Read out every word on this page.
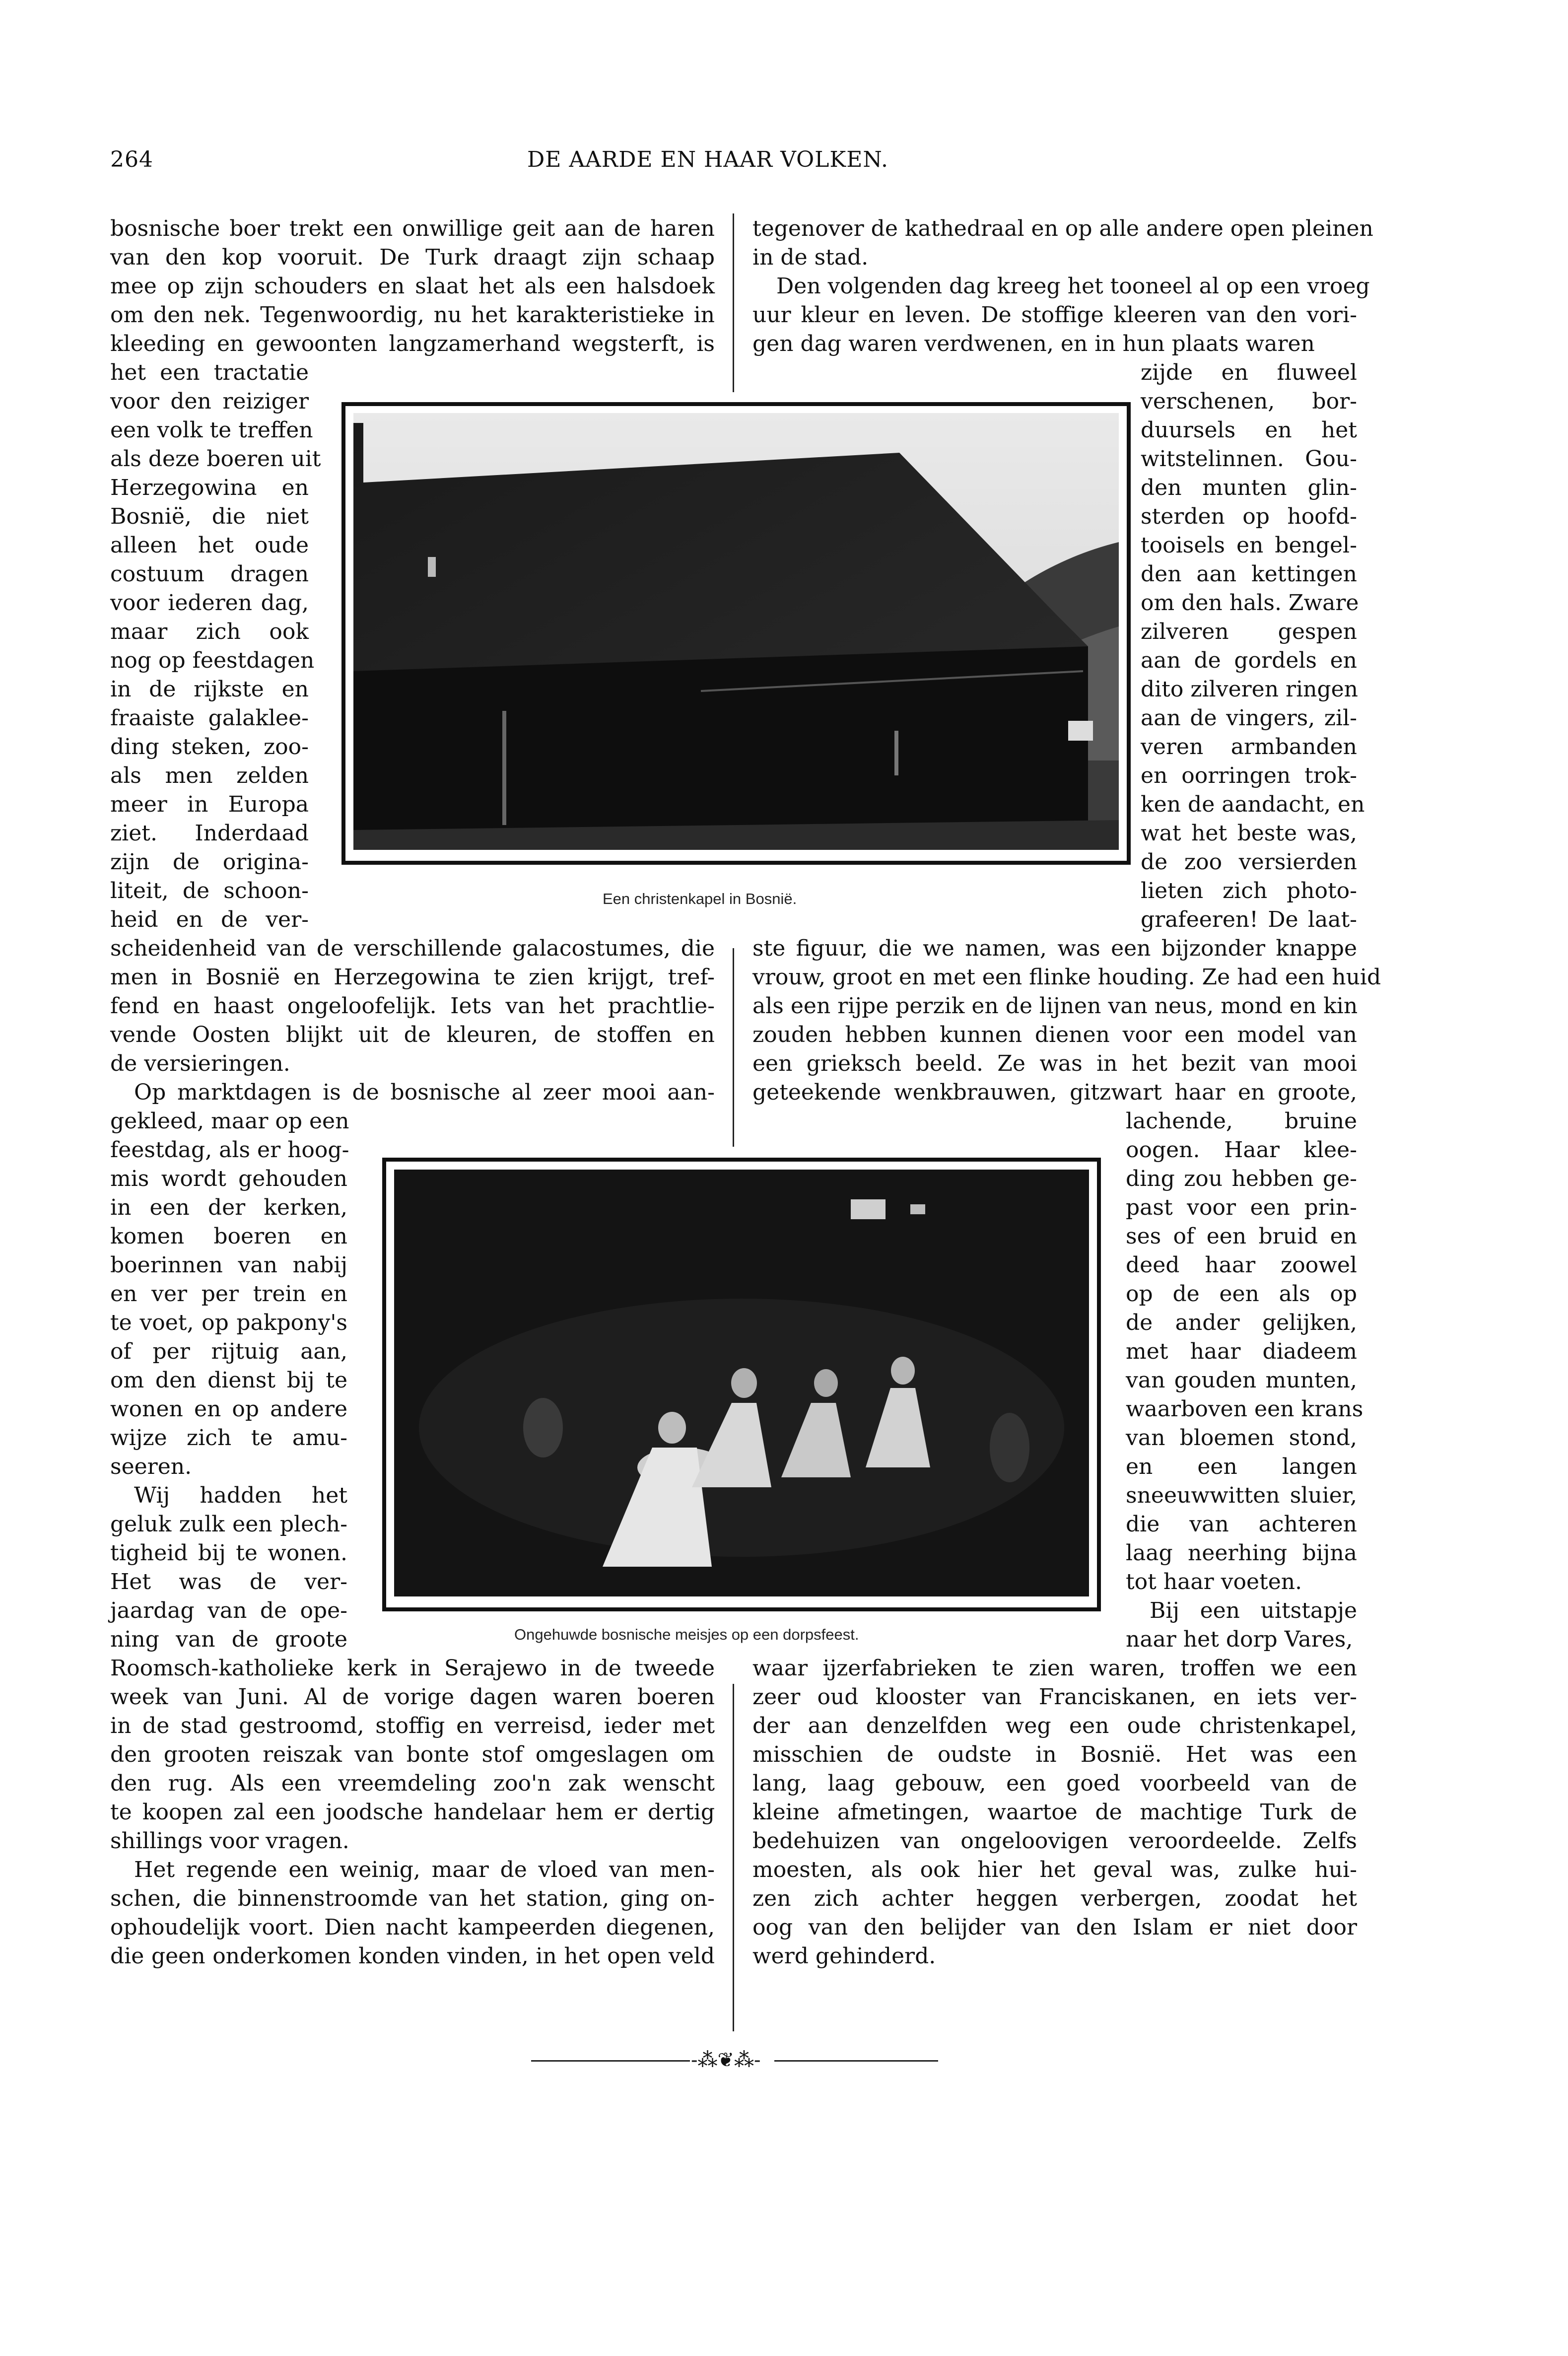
264	DE AARDE EN HAAR VOLKEN.
Een christenkapel in Bosnië.
Ongehuwde bosnische meisjes op een dorpsfeest.
-⁂❦⁂-
bosnische boer trekt een onwillige geit aan de haren
van den kop vooruit. De Turk draagt zijn schaap
mee op zijn schouders en slaat het als een halsdoek
om den nek. Tegenwoordig, nu het karakteristieke in
kleeding en gewoonten langzamerhand wegsterft, is
tegenover de kathedraal en op alle andere open pleinen
in de stad.
Den volgenden dag kreeg het tooneel al op een vroeg
uur kleur en leven. De stoffige kleeren van den vori-
gen dag waren verdwenen, en in hun plaats waren
het een tractatie
voor den reiziger
een volk te treffen
als deze boeren uit
Herzegowina en
Bosnië, die niet
alleen het oude
costuum dragen
voor iederen dag,
maar zich ook
nog op feestdagen
in de rijkste en
fraaiste galaklee-
ding steken, zoo-
als men zelden
meer in Europa
ziet. Inderdaad
zijn de origina-
liteit, de schoon-
heid en de ver-
zijde en fluweel
verschenen, bor-
duursels en het
witstelinnen. Gou-
den munten glin-
sterden op hoofd-
tooisels en bengel-
den aan kettingen
om den hals. Zware
zilveren gespen
aan de gordels en
dito zilveren ringen
aan de vingers, zil-
veren armbanden
en oorringen trok-
ken de aandacht, en
wat het beste was,
de zoo versierden
lieten zich photo-
grafeeren! De laat-
scheidenheid van de verschillende galacostumes, die
men in Bosnië en Herzegowina te zien krijgt, tref-
fend en haast ongeloofelijk. Iets van het prachtlie-
vende Oosten blijkt uit de kleuren, de stoffen en
de versieringen.
Op marktdagen is de bosnische al zeer mooi aan-
ste figuur, die we namen, was een bijzonder knappe
vrouw, groot en met een flinke houding. Ze had een huid
als een rijpe perzik en de lijnen van neus, mond en kin
zouden hebben kunnen dienen voor een model van
een grieksch beeld. Ze was in het bezit van mooi
geteekende wenkbrauwen, gitzwart haar en groote,
gekleed, maar op een
feestdag, als er hoog-
mis wordt gehouden
in een der kerken,
komen boeren en
boerinnen van nabij
en ver per trein en
te voet, op pakpony's
of per rijtuig aan,
om den dienst bij te
wonen en op andere
wijze zich te amu-
seeren.
Wij hadden het
geluk zulk een plech-
tigheid bij te wonen.
Het was de ver-
jaardag van de ope-
ning van de groote
lachende, bruine
oogen. Haar klee-
ding zou hebben ge-
past voor een prin-
ses of een bruid en
deed haar zoowel
op de een als op
de ander gelijken,
met haar diadeem
van gouden munten,
waarboven een krans
van bloemen stond,
en een langen
sneeuwwitten sluier,
die van achteren
laag neerhing bijna
tot haar voeten.
Bij een uitstapje
naar het dorp Vares,
Roomsch-katholieke kerk in Serajewo in de tweede
week van Juni. Al de vorige dagen waren boeren
in de stad gestroomd, stoffig en verreisd, ieder met
den grooten reiszak van bonte stof omgeslagen om
den rug. Als een vreemdeling zoo'n zak wenscht
te koopen zal een joodsche handelaar hem er dertig
shillings voor vragen.
Het regende een weinig, maar de vloed van men-
schen, die binnenstroomde van het station, ging on-
ophoudelijk voort. Dien nacht kampeerden diegenen,
die geen onderkomen konden vinden, in het open veld
waar ijzerfabrieken te zien waren, troffen we een
zeer oud klooster van Franciskanen, en iets ver-
der aan denzelfden weg een oude christenkapel,
misschien de oudste in Bosnië. Het was een
lang, laag gebouw, een goed voorbeeld van de
kleine afmetingen, waartoe de machtige Turk de
bedehuizen van ongeloovigen veroordeelde. Zelfs
moesten, als ook hier het geval was, zulke hui-
zen zich achter heggen verbergen, zoodat het
oog van den belijder van den Islam er niet door
werd gehinderd.
